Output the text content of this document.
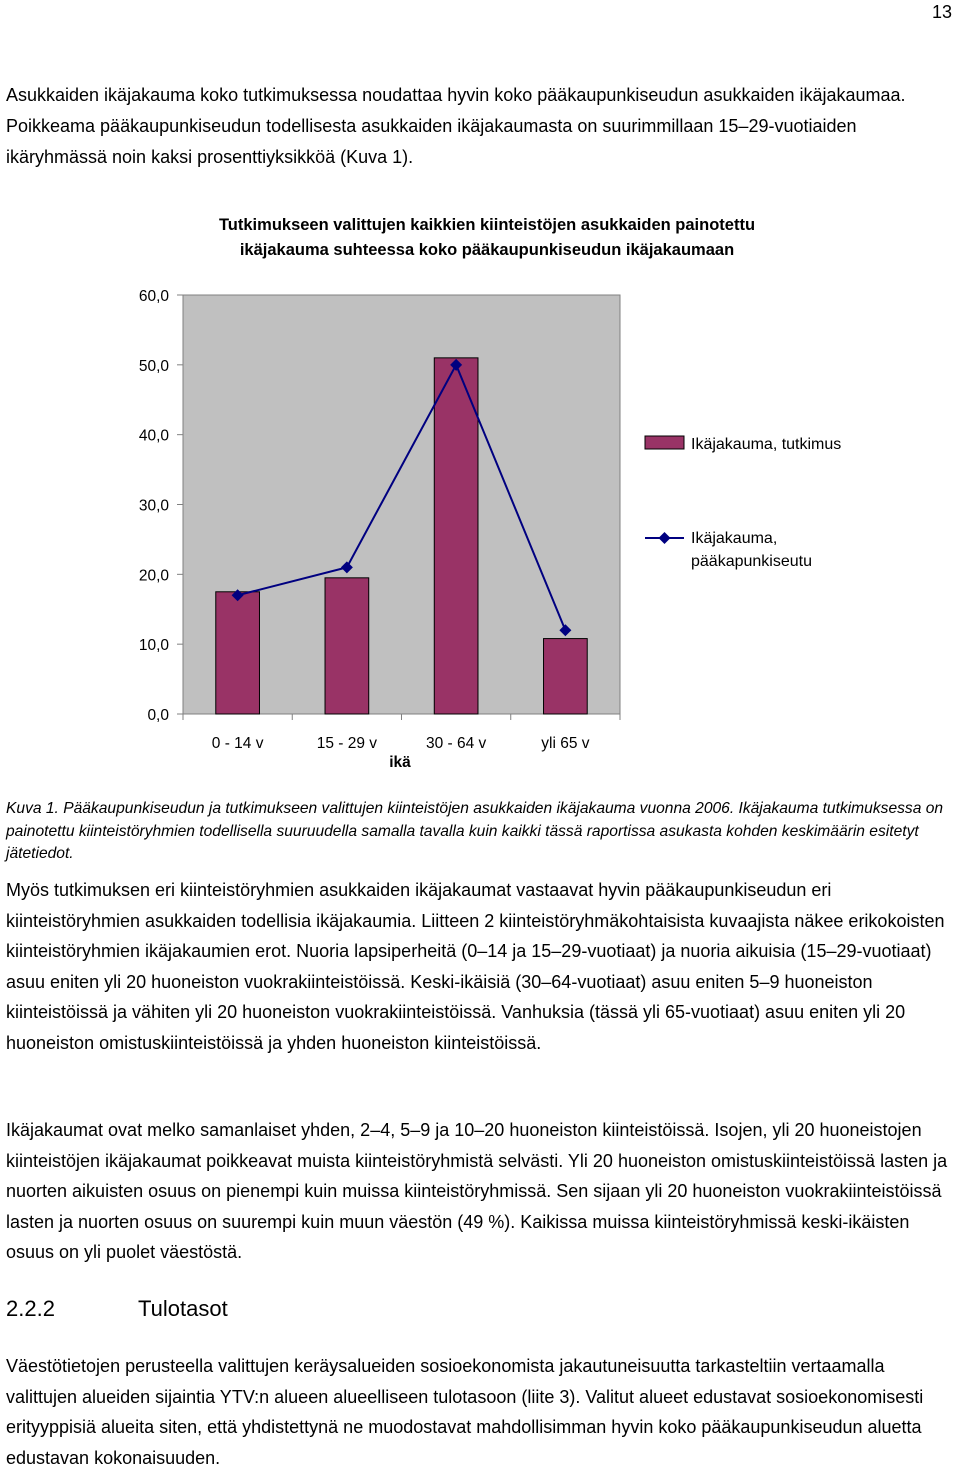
13

Asukkaiden ikäjakauma koko tutkimuksessa noudattaa hyvin koko pääkaupunkiseudun asukkaiden ikäjakaumaa. Poikkeama pääkaupunkiseudun todellisesta asukkaiden ikäjakaumasta on suurimmillaan 15–29-vuotiaiden ikäryhmässä noin kaksi prosenttiyksikköä (Kuva 1).

Tutkimukseen valittujen kaikkien kiinteistöjen asukkaiden painotettu
ikäjakauma suhteessa koko pääkaupunkiseudun ikäjakaumaan
0,0
10,0
20,0
30,0
40,0
50,0
60,0
0 - 14 v	15 - 29 v	30 - 64 v	yli 65 v
ikä
Ikäjakauma, tutkimus
Ikäjakauma,
pääkapunkiseutu

Kuva 1. Pääkaupunkiseudun ja tutkimukseen valittujen kiinteistöjen asukkaiden ikäjakauma vuonna 2006. Ikäjakauma tutkimuksessa on painotettu kiinteistöryhmien todellisella suuruudella samalla tavalla kuin kaikki tässä raportissa asukasta kohden keskimäärin esitetyt jätetiedot.

Myös tutkimuksen eri kiinteistöryhmien asukkaiden ikäjakaumat vastaavat hyvin pääkaupunkiseudun eri kiinteistöryhmien asukkaiden todellisia ikäjakaumia. Liitteen 2 kiinteistöryhmäkohtaisista kuvaajista näkee erikokoisten kiinteistöryhmien ikäjakaumien erot. Nuoria lapsiperheitä (0–14 ja 15–29-vuotiaat) ja nuoria aikuisia (15–29-vuotiaat) asuu eniten yli 20 huoneiston vuokrakiinteistöissä. Keski-ikäisiä (30–64-vuotiaat) asuu eniten 5–9 huoneiston kiinteistöissä ja vähiten yli 20 huoneiston vuokrakiinteistöissä. Vanhuksia (tässä yli 65-vuotiaat) asuu eniten yli 20 huoneiston omistuskiinteistöissä ja yhden huoneiston kiinteistöissä.

Ikäjakaumat ovat melko samanlaiset yhden, 2–4, 5–9 ja 10–20 huoneiston kiinteistöissä. Isojen, yli 20 huoneistojen kiinteistöjen ikäjakaumat poikkeavat muista kiinteistöryhmistä selvästi. Yli 20 huoneiston omistuskiinteistöissä lasten ja nuorten aikuisten osuus on pienempi kuin muissa kiinteistöryhmissä. Sen sijaan yli 20 huoneiston vuokrakiinteistöissä lasten ja nuorten osuus on suurempi kuin muun väestön (49 %). Kaikissa muissa kiinteistöryhmissä keski-ikäisten osuus on yli puolet väestöstä.

2.2.2	Tulotasot

Väestötietojen perusteella valittujen keräysalueiden sosioekonomista jakautuneisuutta tarkasteltiin vertaamalla valittujen alueiden sijaintia YTV:n alueen alueelliseen tulotasoon (liite 3). Valitut alueet edustavat sosioekonomisesti erityyppisiä alueita siten, että yhdistettynä ne muodostavat mahdollisimman hyvin koko pääkaupunkiseudun aluetta edustavan kokonaisuuden.
